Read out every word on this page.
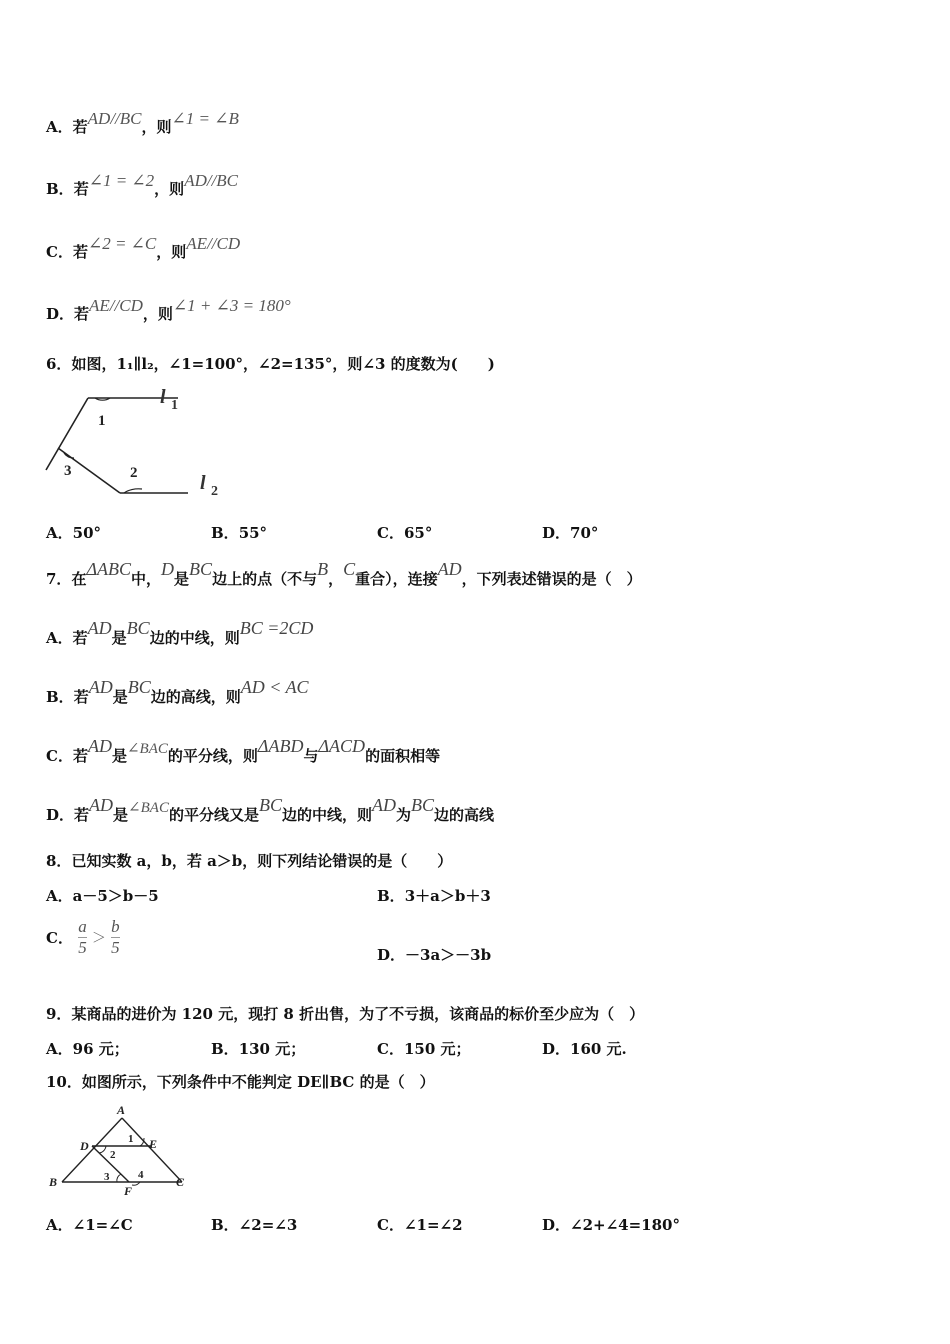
A．若AD//BC，则∠1 = ∠B
B．若∠1 = ∠2，则AD//BC
C．若∠2 = ∠C，则AE//CD
D．若AE//CD，则∠1 + ∠3 = 180°
6．如图，1₁∥l₂，∠1=100°，∠2=135°，则∠3 的度数为(　　)
l 1
l 2
1
2
3
A．50°	B．55°	C．65°	D．70°
7．在ΔABC中，D是BC边上的点（不与B，C重合），连接AD，下列表述错误的是（　）
A．若AD是BC边的中线，则BC =2CD
B．若AD是BC边的高线，则AD < AC
C．若AD是∠BAC的平分线，则ΔABD与ΔACD的面积相等
D．若AD是∠BAC的平分线又是BC边的中线，则AD为BC边的高线
8．已知实数 a，b，若 a＞b，则下列结论错误的是（　　）
A．a－5＞b－5	B．3＋a＞b＋3
C． $\frac{a}{5} > \frac{b}{5}$	D．－3a＞－3b
9．某商品的进价为 120 元，现打 8 折出售，为了不亏损，该商品的标价至少应为（　）
A．96 元；	B．130 元；	C．150 元；	D．160 元.
10．如图所示，下列条件中不能判定 DE∥BC 的是（　）
A
B	C
D	E
F
1
2
3	4
A．∠1=∠C	B．∠2=∠3	C．∠1=∠2	D．∠2+∠4=180°
